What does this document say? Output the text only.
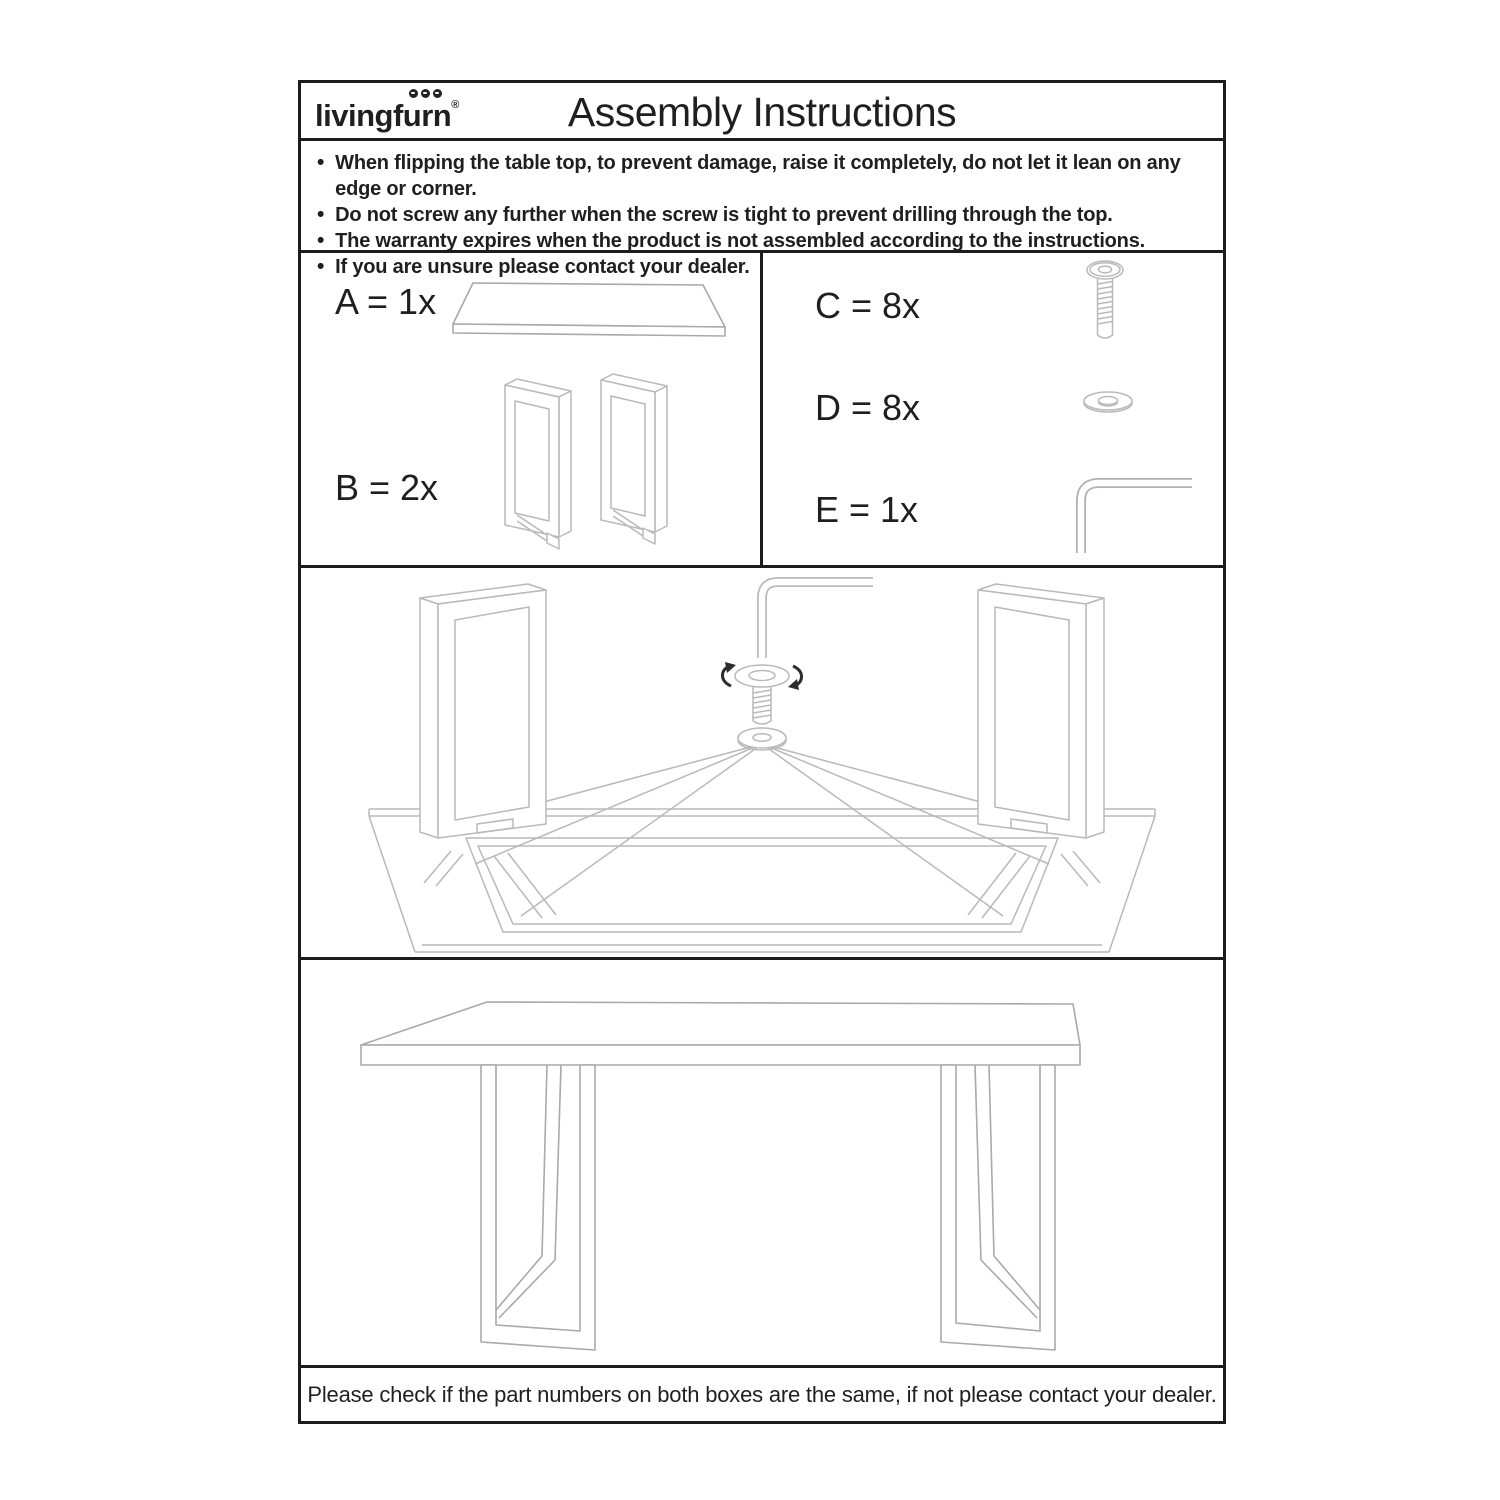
livingfurn®	Assembly Instructions
• When flipping the table top, to prevent damage, raise it completely, do not let it lean on any edge or corner.
• Do not screw any further when the screw is tight to prevent drilling through the top.
• The warranty expires when the product is not assembled according to the instructions.
• If you are unsure please contact your dealer.
A = 1x
B = 2x
C = 8x
D = 8x
E = 1x
Please check if the part numbers on both boxes are the same, if not please contact your dealer.
